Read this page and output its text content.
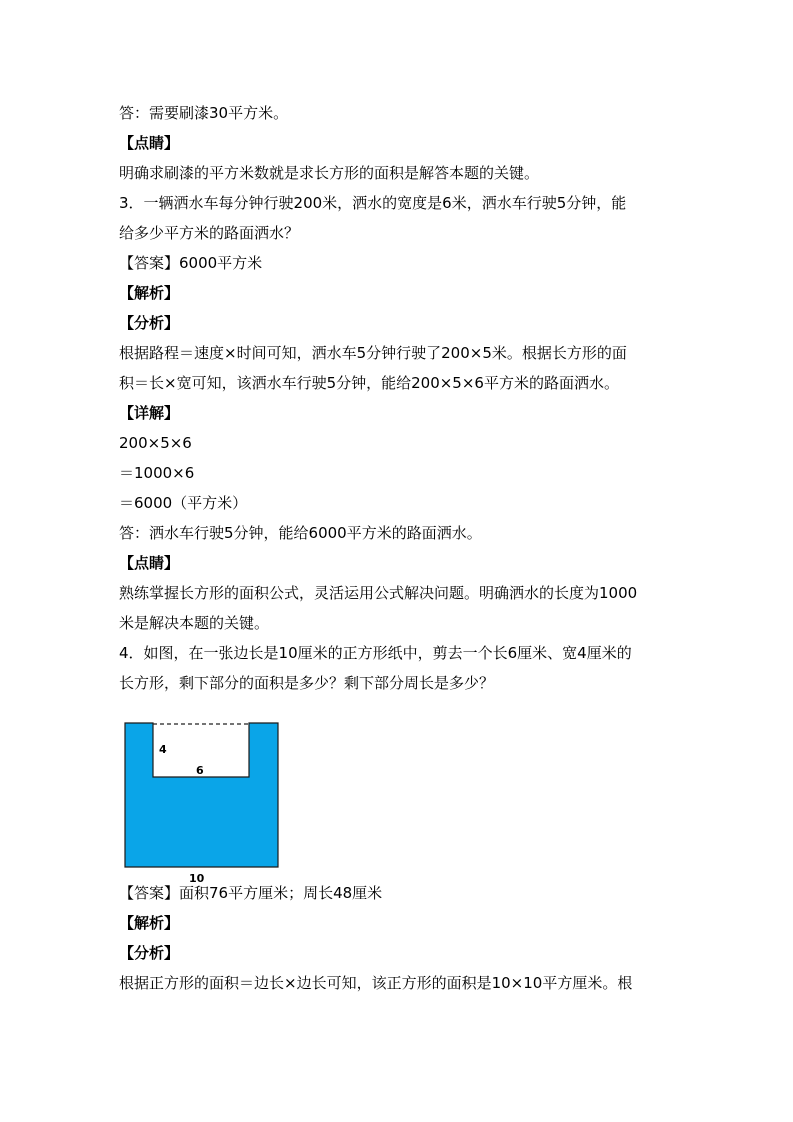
答：需要刷漆30平方米。

【点睛】

明确求刷漆的平方米数就是求长方形的面积是解答本题的关键。

3．一辆洒水车每分钟行驶200米，洒水的宽度是6米，洒水车行驶5分钟，能

给多少平方米的路面洒水？

【答案】6000平方米

【解析】

【分析】

根据路程＝速度×时间可知，洒水车5分钟行驶了200×5米。根据长方形的面

积＝长×宽可知，该洒水车行驶5分钟，能给200×5×6平方米的路面洒水。

【详解】

200×5×6

＝1000×6

＝6000（平方米）

答：洒水车行驶5分钟，能给6000平方米的路面洒水。

【点睛】

熟练掌握长方形的面积公式，灵活运用公式解决问题。明确洒水的长度为1000

米是解决本题的关键。

4．如图，在一张边长是10厘米的正方形纸中，剪去一个长6厘米、宽4厘米的

长方形，剩下部分的面积是多少？剩下部分周长是多少？

【答案】面积76平方厘米；周长48厘米

【解析】

【分析】

根据正方形的面积＝边长×边长可知，该正方形的面积是10×10平方厘米。根

4
6
10
